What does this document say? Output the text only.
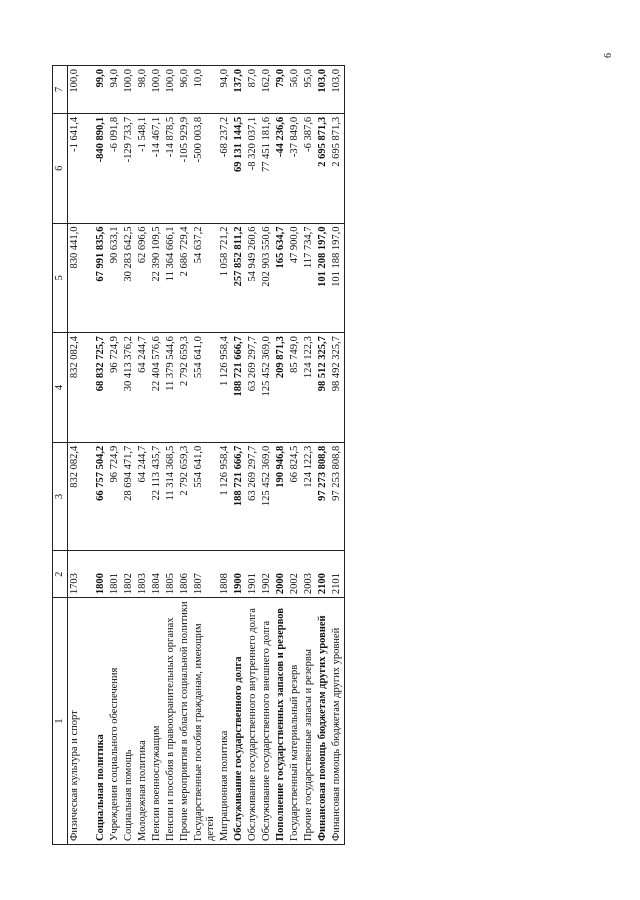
6
1	2	3	4	5	6	7
Физическая культура и спорт	1703	832 082,4	832 082,4	830 441,0	-1 641,4	100,0

Социальная политика	1800	66 757 504,2	68 832 725,7	67 991 835,6	-840 890,1	99,0
Учреждения социального обеспечения	1801	96 724,9	96 724,9	90 633,1	-6 091,8	94,0
Социальная помощь	1802	28 694 471,7	30 413 376,2	30 283 642,5	-129 733,7	100,0
Молодежная политика	1803	64 244,7	64 244,7	62 696,6	-1 548,1	98,0
Пенсии военнослужащим	1804	22 113 435,7	22 404 576,6	22 390 109,5	-14 467,1	100,0
Пенсии и пособия в правоохранительных органах	1805	11 314 368,5	11 379 544,6	11 364 666,1	-14 878,5	100,0
Прочие мероприятия в области социальной политики	1806	2 792 659,3	2 792 659,3	2 686 729,4	-105 929,9	96,0
Государственные пособия гражданам, имеющим детей	1807	554 641,0	554 641,0	54 637,2	-500 003,8	10,0
Миграционная политика	1808	1 126 958,4	1 126 958,4	1 058 721,2	-68 237,2	94,0
Обслуживание государственного долга	1900	188 721 666,7	188 721 666,7	257 852 811,2	69 131 144,5	137,0
Обслуживание государственного внутреннего долга	1901	63 269 297,7	63 269 297,7	54 949 260,6	-8 320 037,1	87,0
Обслуживание государственного внешнего долга	1902	125 452 369,0	125 452 369,0	202 903 550,6	77 451 181,6	162,0
Пополнение государственных запасов и резервов	2000	190 946,8	209 871,3	165 634,7	-44 236,6	79,0
Государственный материальный резерв	2002	66 824,5	85 749,0	47 900,0	-37 849,0	56,0
Прочие государственные запасы и резервы	2003	124 122,3	124 122,3	117 734,7	-6 387,6	95,0
Финансовая помощь бюджетам других уровней	2100	97 273 808,8	98 512 325,7	101 208 197,0	2 695 871,3	103,0
Финансовая помощь бюджетам других уровней	2101	97 253 808,8	98 492 325,7	101 188 197,0	2 695 871,3	103,0
